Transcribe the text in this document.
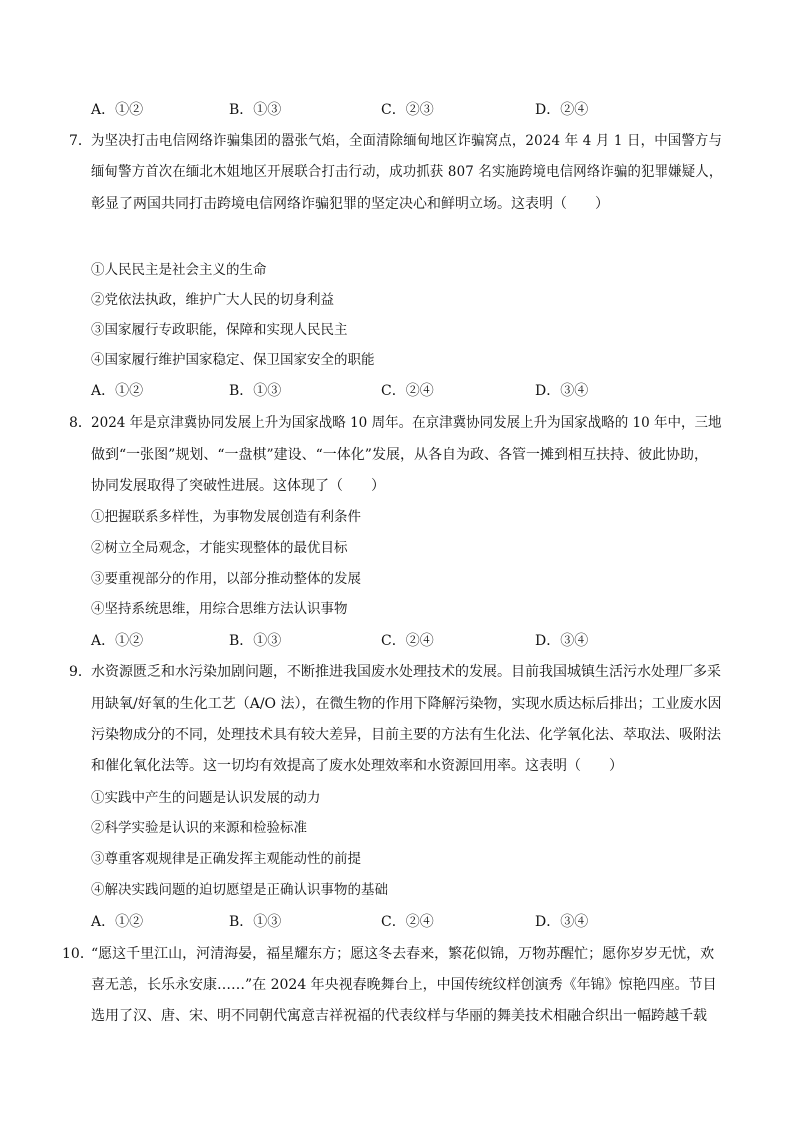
A．①②	B．①③	C．②③	D．②④
7． 为坚决打击电信网络诈骗集团的嚣张气焰，全面清除缅甸地区诈骗窝点，2024 年 4 月 1 日，中国警方与
缅甸警方首次在缅北木姐地区开展联合打击行动，成功抓获 807 名实施跨境电信网络诈骗的犯罪嫌疑人，
彰显了两国共同打击跨境电信网络诈骗犯罪的坚定决心和鲜明立场。这表明（　　）
①人民民主是社会主义的生命
②党依法执政，维护广大人民的切身利益
③国家履行专政职能，保障和实现人民民主
④国家履行维护国家稳定、保卫国家安全的职能
A．①②	B．①③	C．②④	D．③④
8． 2024 年是京津冀协同发展上升为国家战略 10 周年。在京津冀协同发展上升为国家战略的 10 年中，三地
做到“一张图”规划、“一盘棋”建设、“一体化”发展，从各自为政、各管一摊到相互扶持、彼此协助，
协同发展取得了突破性进展。这体现了（　　）
①把握联系多样性，为事物发展创造有利条件
②树立全局观念，才能实现整体的最优目标
③要重视部分的作用，以部分推动整体的发展
④坚持系统思维，用综合思维方法认识事物
A．①②	B．①③	C．②④	D．③④
9． 水资源匮乏和水污染加剧问题，不断推进我国废水处理技术的发展。目前我国城镇生活污水处理厂多采
用缺氧/好氧的生化工艺（A/O 法），在微生物的作用下降解污染物，实现水质达标后排出；工业废水因
污染物成分的不同，处理技术具有较大差异，目前主要的方法有生化法、化学氧化法、萃取法、吸附法
和催化氧化法等。这一切均有效提高了废水处理效率和水资源回用率。这表明（　　）
①实践中产生的问题是认识发展的动力
②科学实验是认识的来源和检验标准
③尊重客观规律是正确发挥主观能动性的前提
④解决实践问题的迫切愿望是正确认识事物的基础
A．①②	B．①③	C．②④	D．③④
10．
“愿这千里江山，河清海晏，福星耀东方；愿这冬去春来，繁花似锦，万物苏醒忙；愿你岁岁无忧，欢
喜无恙，长乐永安康……”在 2024 年央视春晚舞台上，中国传统纹样创演秀《年锦》惊艳四座。节目
选用了汉、唐、宋、明不同朝代寓意吉祥祝福的代表纹样与华丽的舞美技术相融合织出一幅跨越千载
